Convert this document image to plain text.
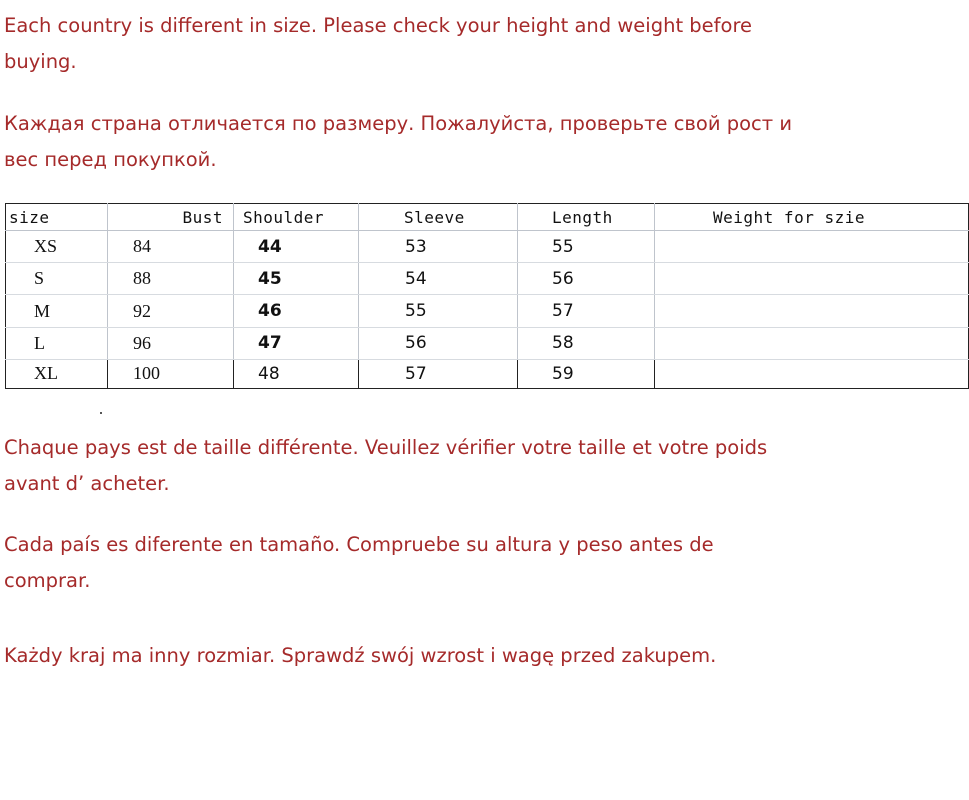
Each country is different in size. Please check your height and weight before buying.

Каждая страна отличается по размеру. Пожалуйста, проверьте свой рост и вес перед покупкой.

size	Bust	Shoulder	Sleeve	Length	Weight for szie
XS	84	44	53	55	
S	88	45	54	56	
M	92	46	55	57	
L	96	47	56	58	
XL	100	48	57	59	

Chaque pays est de taille différente. Veuillez vérifier votre taille et votre poids avant d’ acheter.

Cada país es diferente en tamaño. Compruebe su altura y peso antes de comprar.

Każdy kraj ma inny rozmiar. Sprawdź swój wzrost i wagę przed zakupem.
